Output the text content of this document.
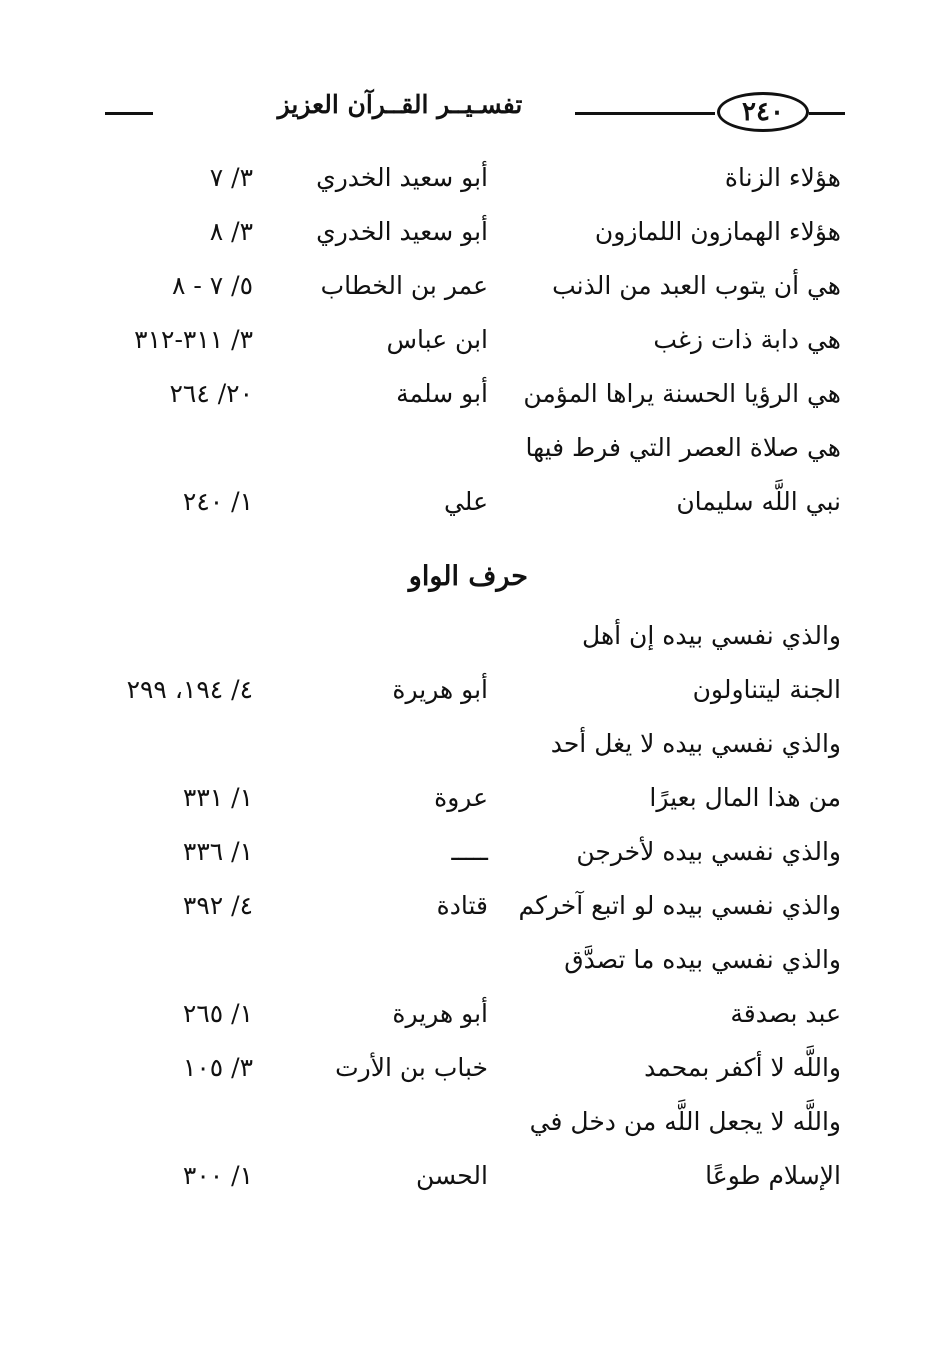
٢٤٠
تفسـيــر القــرآن العزيز
هؤلاء الزناة
أبو سعيد الخدري
٣/ ٧
هؤلاء الهمازون اللمازون
أبو سعيد الخدري
٣/ ٨
هي أن يتوب العبد من الذنب
عمر بن الخطاب
٥/ ٧ - ٨
هي دابة ذات زغب
ابن عباس
٣/ ٣١١-٣١٢
هي الرؤيا الحسنة يراها المؤمن
أبو سلمة
٢٠/ ٢٦٤
هي صلاة العصر التي فرط فيها
نبي اللَّه سليمان
علي
١/ ٢٤٠
حرف الواو
والذي نفسي بيده إن أهل
الجنة ليتناولون
أبو هريرة
٤/ ١٩٤، ٢٩٩
والذي نفسي بيده لا يغل أحد
من هذا المال بعيرًا
عروة
١/ ٣٣١
والذي نفسي بيده لأخرجن
ـــــ
١/ ٣٣٦
والذي نفسي بيده لو اتبع آخركم
قتادة
٤/ ٣٩٢
والذي نفسي بيده ما تصدَّق
عبد بصدقة
أبو هريرة
١/ ٢٦٥
واللَّه لا أكفر بمحمد
خباب بن الأرت
٣/ ١٠٥
واللَّه لا يجعل اللَّه من دخل في
الإسلام طوعًا
الحسن
١/ ٣٠٠
